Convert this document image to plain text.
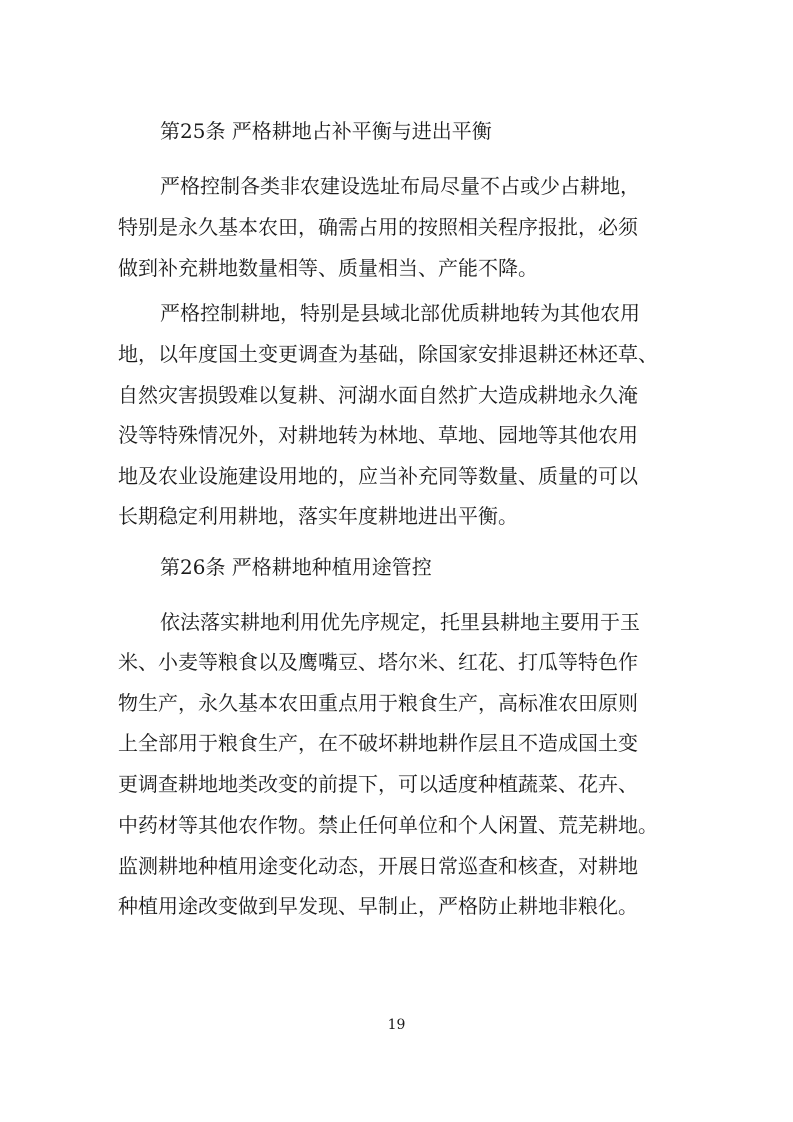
第25条 严格耕地占补平衡与进出平衡

严格控制各类非农建设选址布局尽量不占或少占耕地，

特别是永久基本农田，确需占用的按照相关程序报批，必须

做到补充耕地数量相等、质量相当、产能不降。

严格控制耕地，特别是县域北部优质耕地转为其他农用

地，以年度国土变更调查为基础，除国家安排退耕还林还草、

自然灾害损毁难以复耕、河湖水面自然扩大造成耕地永久淹

没等特殊情况外，对耕地转为林地、草地、园地等其他农用

地及农业设施建设用地的，应当补充同等数量、质量的可以

长期稳定利用耕地，落实年度耕地进出平衡。

第26条 严格耕地种植用途管控

依法落实耕地利用优先序规定，托里县耕地主要用于玉

米、小麦等粮食以及鹰嘴豆、塔尔米、红花、打瓜等特色作

物生产，永久基本农田重点用于粮食生产，高标准农田原则

上全部用于粮食生产，在不破坏耕地耕作层且不造成国土变

更调查耕地地类改变的前提下，可以适度种植蔬菜、花卉、

中药材等其他农作物。禁止任何单位和个人闲置、荒芜耕地。

监测耕地种植用途变化动态，开展日常巡查和核查，对耕地

种植用途改变做到早发现、早制止，严格防止耕地非粮化。

19
